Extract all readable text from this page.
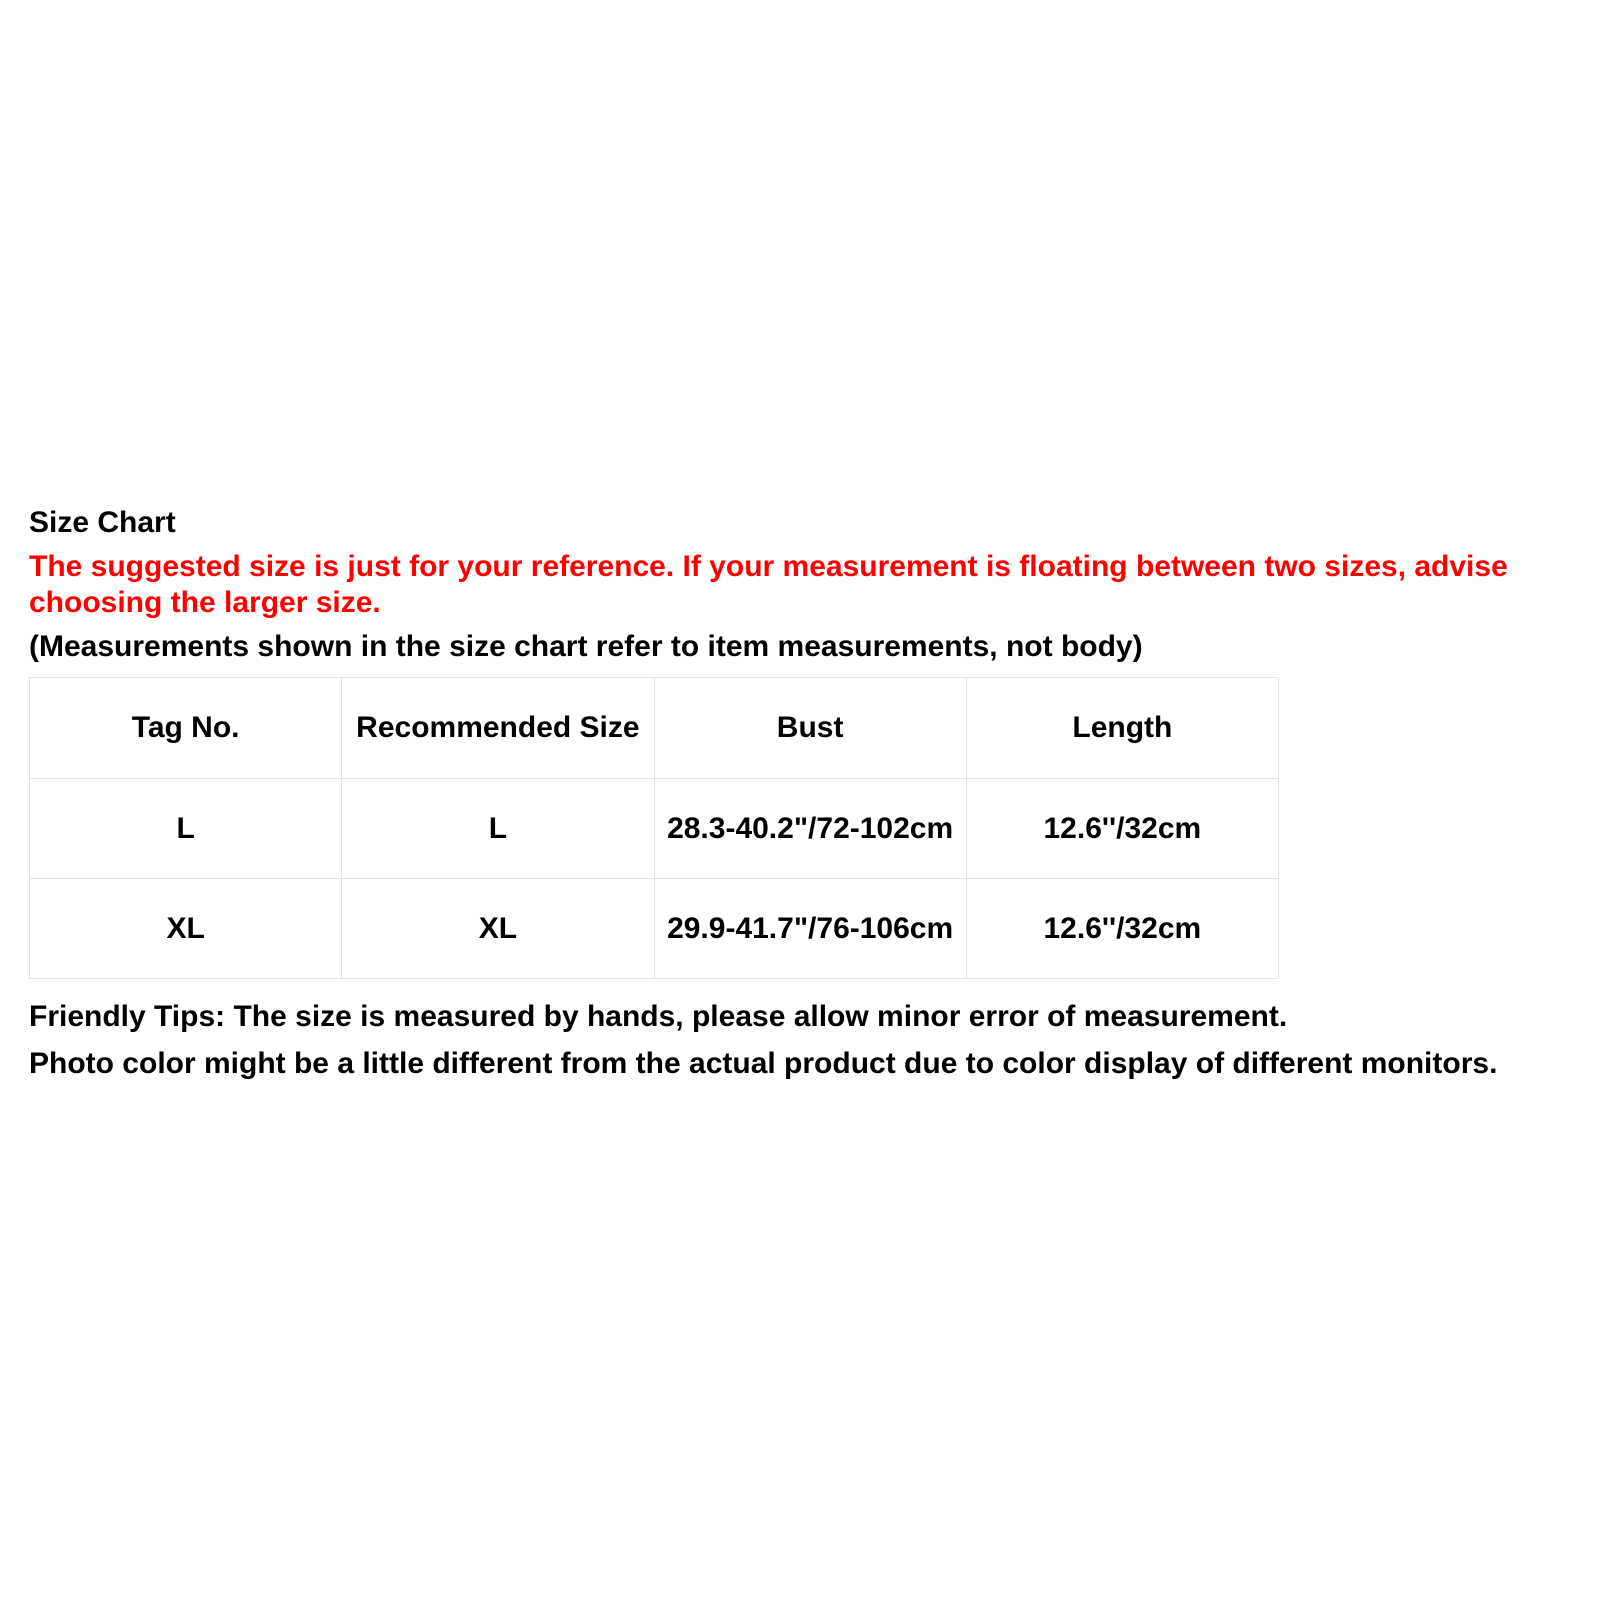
Size Chart
The suggested size is just for your reference. If your measurement is floating between two sizes, advise choosing the larger size.
(Measurements shown in the size chart refer to item measurements, not body)
Tag No.	Recommended Size	Bust	Length
L	L	28.3-40.2"/72-102cm	12.6''/32cm
XL	XL	29.9-41.7"/76-106cm	12.6''/32cm

Friendly Tips: The size is measured by hands, please allow minor error of measurement.

Photo color might be a little different from the actual product due to color display of different monitors.
